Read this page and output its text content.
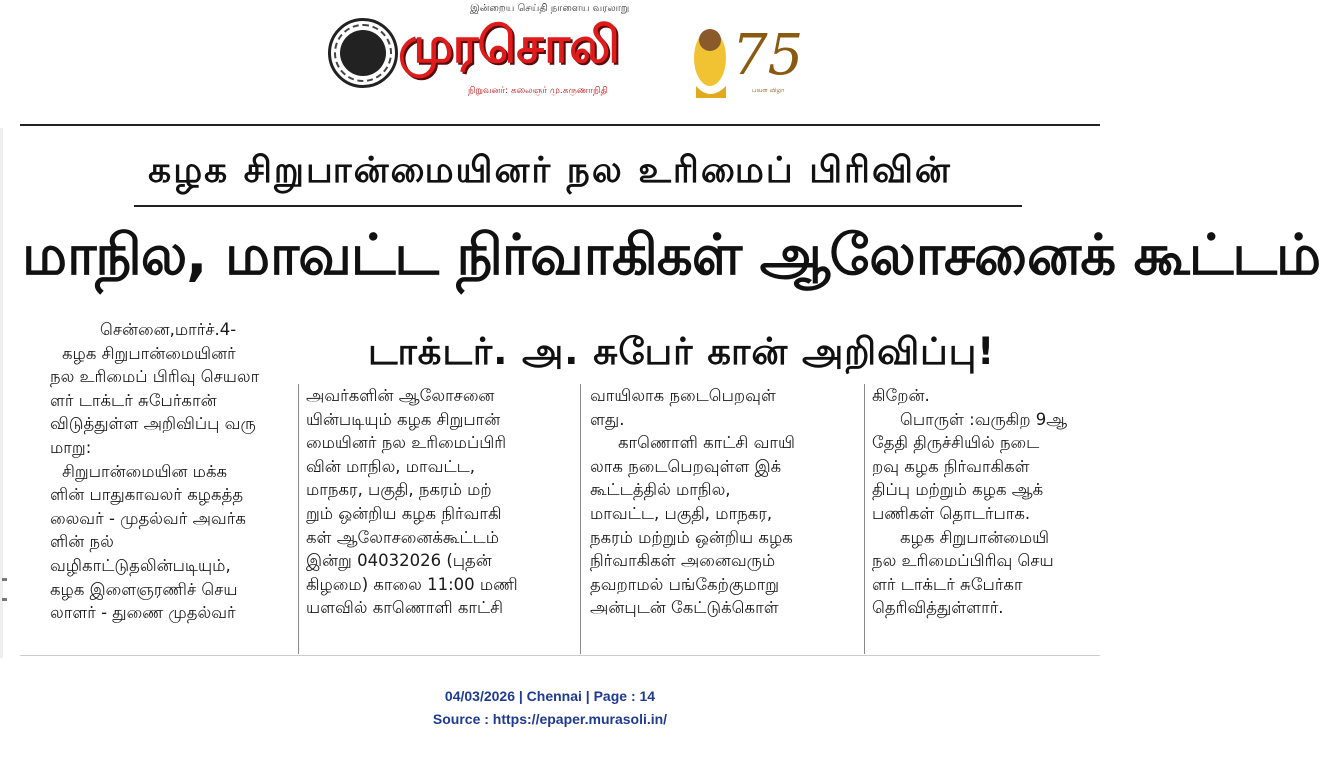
இன்றைய செய்தி நாளைய வரலாறு
முரசொலி
நிறுவனர்: கலைஞர் மு.கருணாநிதி
75
பவள விழா
கழக சிறுபான்மையினர் நல உரிமைப் பிரிவின்
மாநில, மாவட்ட நிர்வாகிகள் ஆலோசனைக் கூட்டம்
டாக்டர். அ. சுபேர் கான் அறிவிப்பு!
சென்னை,மார்ச்.4-
கழக சிறுபான்மையினர்
நல உரிமைப் பிரிவு செயலா
ளர் டாக்டர் சுபேர்கான்
விடுத்துள்ள அறிவிப்பு வரு
மாறு:
சிறுபான்மையின மக்க
ளின் பாதுகாவலர் கழகத்த
லைவர் - முதல்வர் அவர்க
ளின் நல்
வழிகாட்டுதலின்படியும்,
கழக இளைஞரணிச் செய
லாளர் - துணை முதல்வர்
அவர்களின் ஆலோசனை
யின்படியும் கழக சிறுபான்
மையினர் நல உரிமைப்பிரி
வின் மாநில, மாவட்ட,
மாநகர, பகுதி, நகரம் மற்
றும் ஒன்றிய கழக நிர்வாகி
கள் ஆலோசனைக்கூட்டம்
இன்று 04032026 (புதன்
கிழமை) காலை 11:00 மணி
யளவில் காணொளி காட்சி
வாயிலாக நடைபெறவுள்
ளது.
காணொளி காட்சி வாயி
லாக நடைபெறவுள்ள இக்
கூட்டத்தில் மாநில,
மாவட்ட, பகுதி, மாநகர,
நகரம் மற்றும் ஒன்றிய கழக
நிர்வாகிகள் அனைவரும்
தவறாமல் பங்கேற்குமாறு
அன்புடன் கேட்டுக்கொள்
கிறேன்.
பொருள் :வருகிற 9ஆ
தேதி திருச்சியில் நடை
றவு கழக நிர்வாகிகள்
திப்பு மற்றும் கழக ஆக்
பணிகள் தொடர்பாக.
கழக சிறுபான்மையி
நல உரிமைப்பிரிவு செய
ளர் டாக்டர் சுபேர்கா
தெரிவித்துள்ளார்.
04/03/2026 | Chennai | Page : 14
Source : https://epaper.murasoli.in/
